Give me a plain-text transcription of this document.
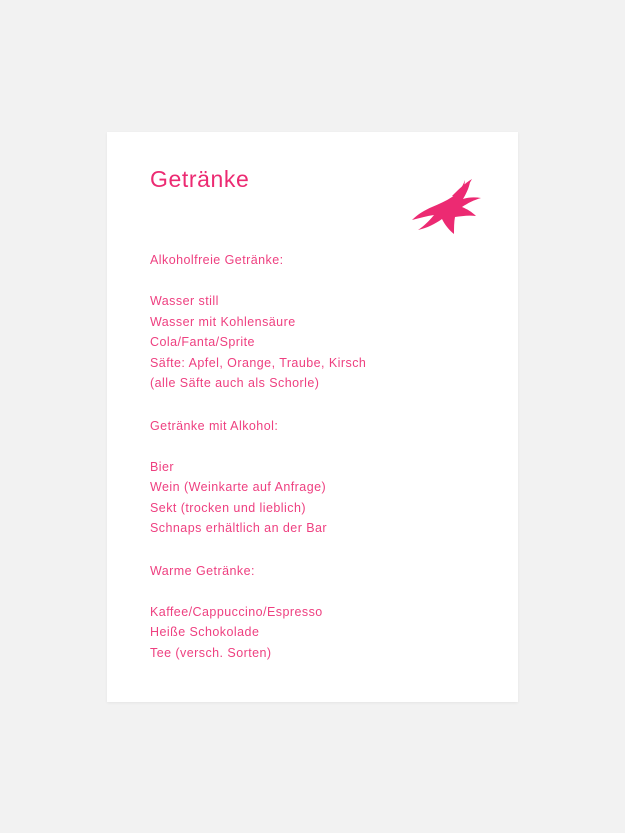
Getränke
Alkoholfreie Getränke:
Wasser still
Wasser mit Kohlensäure
Cola/Fanta/Sprite
Säfte: Apfel, Orange, Traube, Kirsch
(alle Säfte auch als Schorle)
Getränke mit Alkohol:
Bier
Wein (Weinkarte auf Anfrage)
Sekt (trocken und lieblich)
Schnaps erhältlich an der Bar
Warme Getränke:
Kaffee/Cappuccino/Espresso
Heiße Schokolade
Tee (versch. Sorten)
